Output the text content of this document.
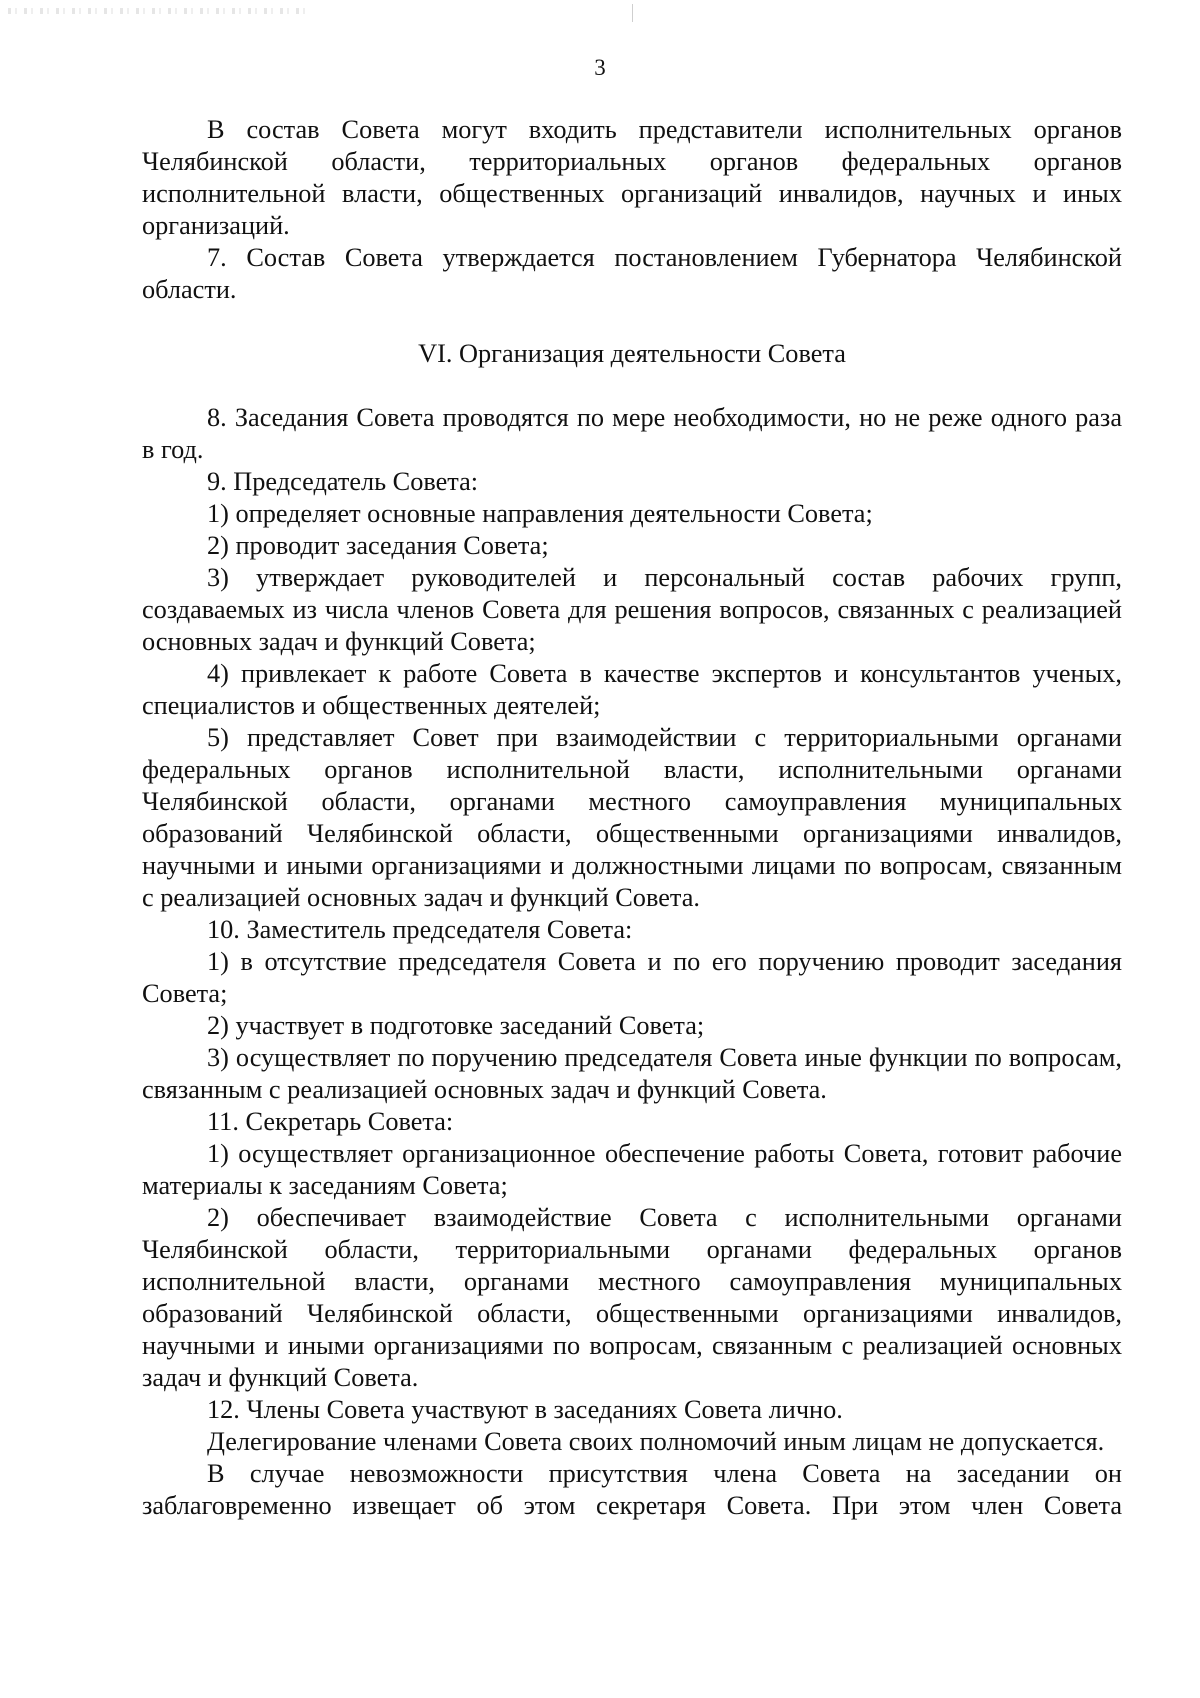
3

В состав Совета могут входить представители исполнительных органов Челябинской области, территориальных органов федеральных органов исполнительной власти, общественных организаций инвалидов, научных и иных организаций.

7. Состав Совета утверждается постановлением Губернатора Челябинской области.

VI. Организация деятельности Совета

8. Заседания Совета проводятся по мере необходимости, но не реже одного раза в год.

9. Председатель Совета:

1) определяет основные направления деятельности Совета;

2) проводит заседания Совета;

3) утверждает руководителей и персональный состав рабочих групп, создаваемых из числа членов Совета для решения вопросов, связанных с реализацией основных задач и функций Совета;

4) привлекает к работе Совета в качестве экспертов и консультантов ученых, специалистов и общественных деятелей;

5) представляет Совет при взаимодействии с территориальными органами федеральных органов исполнительной власти, исполнительными органами Челябинской области, органами местного самоуправления муниципальных образований Челябинской области, общественными организациями инвалидов, научными и иными организациями и должностными лицами по вопросам, связанным с реализацией основных задач и функций Совета.

10. Заместитель председателя Совета:

1) в отсутствие председателя Совета и по его поручению проводит заседания Совета;

2) участвует в подготовке заседаний Совета;

3) осуществляет по поручению председателя Совета иные функции по вопросам, связанным с реализацией основных задач и функций Совета.

11. Секретарь Совета:

1) осуществляет организационное обеспечение работы Совета, готовит рабочие материалы к заседаниям Совета;

2) обеспечивает взаимодействие Совета с исполнительными органами Челябинской области, территориальными органами федеральных органов исполнительной власти, органами местного самоуправления муниципальных образований Челябинской области, общественными организациями инвалидов, научными и иными организациями по вопросам, связанным с реализацией основных задач и функций Совета.

12. Члены Совета участвуют в заседаниях Совета лично.

Делегирование членами Совета своих полномочий иным лицам не допускается.

В случае невозможности присутствия члена Совета на заседании он заблаговременно извещает об этом секретаря Совета. При этом член Совета
